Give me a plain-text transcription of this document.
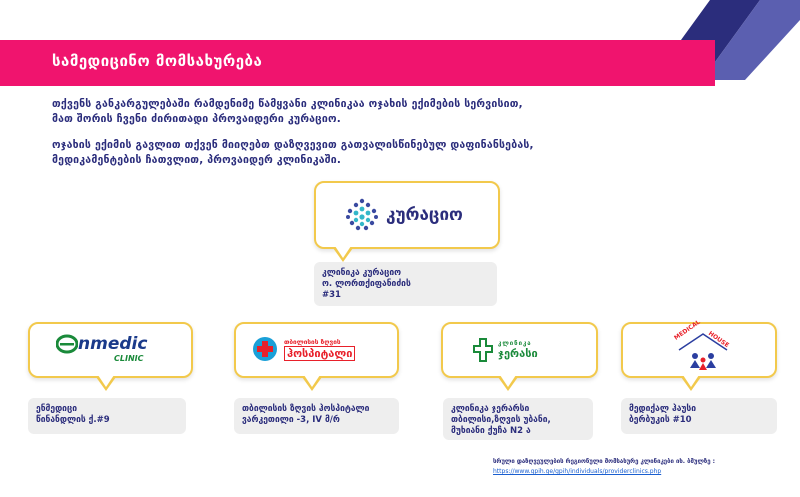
სამედიცინო მომსახურება
თქვენს განკარგულებაში რამდენიმე წამყვანი კლინიკაა ოჯახის ექიმების სერვისით,
მათ შორის ჩვენი ძირითადი პროვაიდერი კურაციო.
ოჯახის ექიმის გავლით თქვენ მიიღებთ დაზღვევით გათვალისწინებულ დაფინანსებას,
მედიკამენტების ჩათვლით, პროვაიდერ კლინიკაში.
კურაციო
კლინიკა კურაციო
ო. ლორთქიფანიძის
#31
nmedic
CLINIC
ენმედიცი
წინანდლის ქ.#9
თბილისის ზღვის
ჰოსპიტალი
თბილისის ზღვის ჰოსპიტალი
ვარკეთილი -3, IV მ/რ
კლინიკა
ჯერასი
კლინიკა ჯერარსი
თბილისი,ზღვის უბანი,
მუხიანი ქუჩა N2 ა
MEDICAL HOUSE
მედიქალ ჰაუსი
ბერბუკის #10
სრული დაზღვეულების რეგიონული მომსახურე კლინიკები იხ. ბმულზე :
https://www.gpih.ge/gpih/individuals/providerclinics.php
